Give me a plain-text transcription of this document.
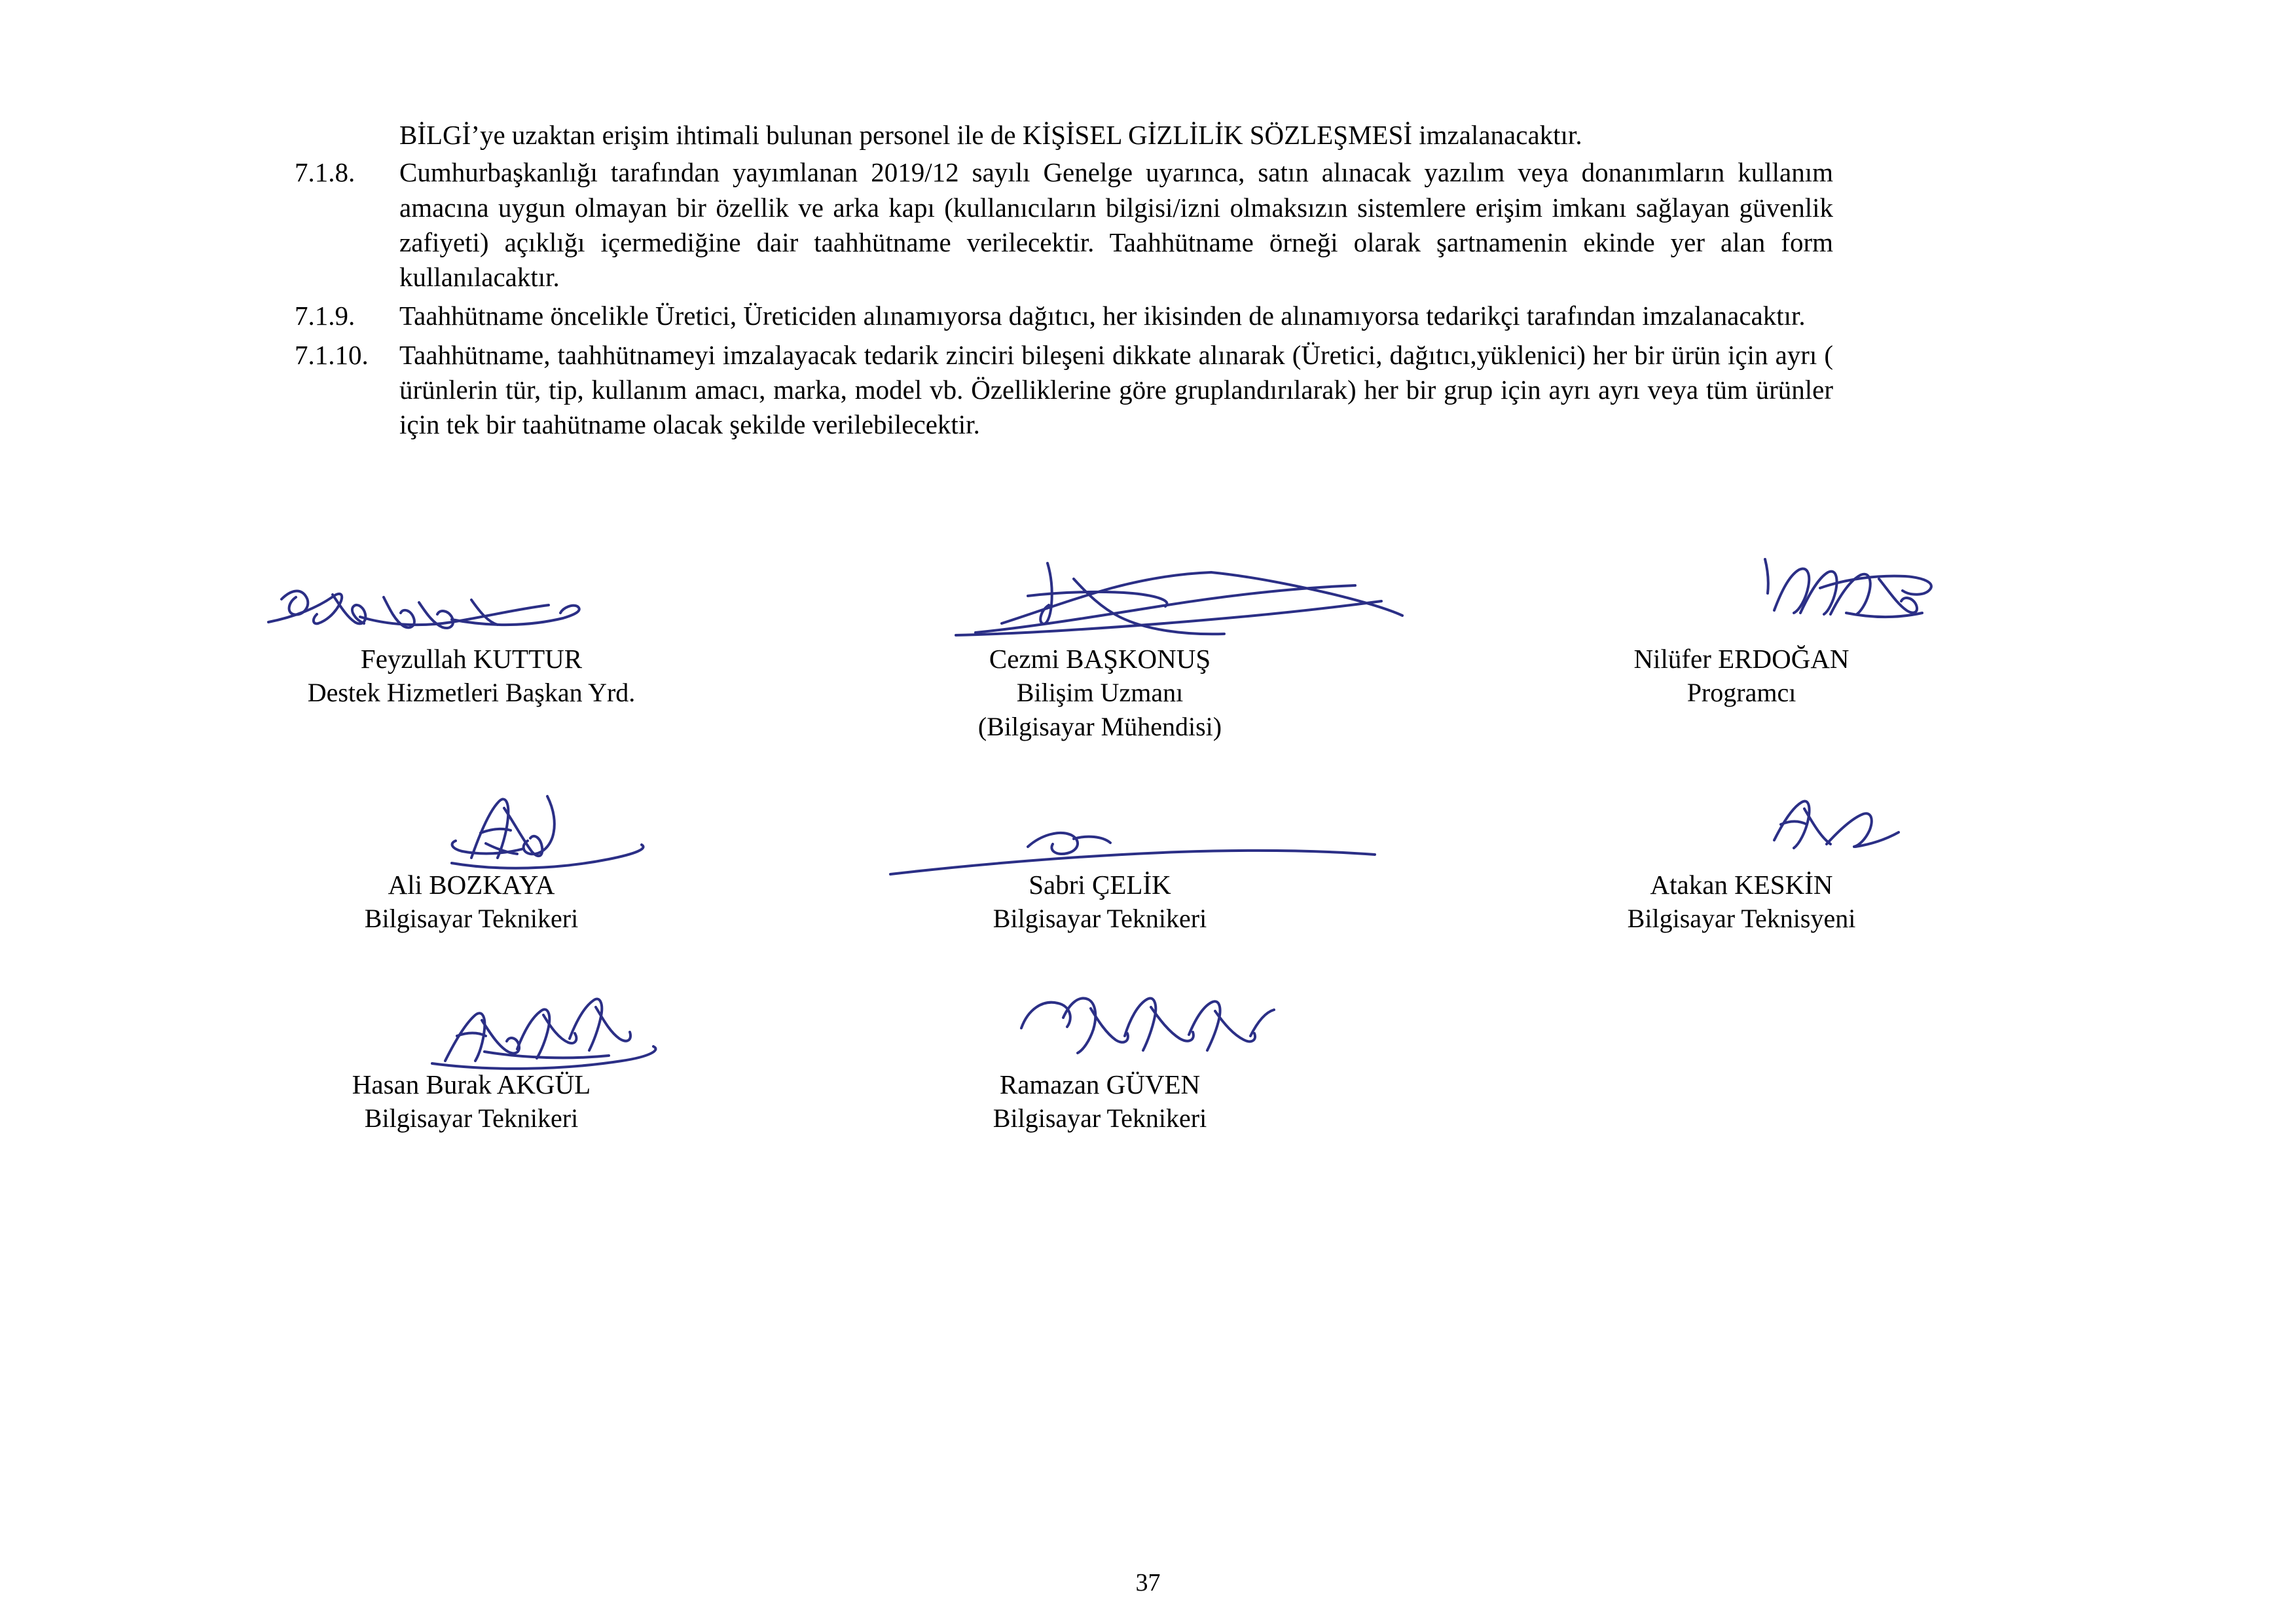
BİLGİ’ye uzaktan erişim ihtimali bulunan personel ile de KİŞİSEL GİZLİLİK SÖZLEŞMESİ imzalanacaktır.

7.1.8.	Cumhurbaşkanlığı tarafından yayımlanan 2019/12 sayılı Genelge uyarınca, satın alınacak yazılım veya donanımların kullanım amacına uygun olmayan bir özellik ve arka kapı (kullanıcıların bilgisi/izni olmaksızın sistemlere erişim imkanı sağlayan güvenlik zafiyeti) açıklığı içermediğine dair taahhütname verilecektir. Taahhütname örneği olarak şartnamenin ekinde yer alan form kullanılacaktır.
7.1.9.	Taahhütname öncelikle Üretici, Üreticiden alınamıyorsa dağıtıcı, her ikisinden de alınamıyorsa tedarikçi tarafından imzalanacaktır.
7.1.10.	Taahhütname, taahhütnameyi imzalayacak tedarik zinciri bileşeni dikkate alınarak (Üretici, dağıtıcı,yüklenici) her bir ürün için ayrı ( ürünlerin tür, tip, kullanım amacı, marka, model vb. Özelliklerine göre gruplandırılarak) her bir grup için ayrı ayrı veya tüm ürünler için tek bir taahütname olacak şekilde verilebilecektir.
Feyzullah KUTTUR
Destek Hizmetleri Başkan Yrd.
Cezmi BAŞKONUŞ
Bilişim Uzmanı
(Bilgisayar Mühendisi)
Nilüfer ERDOĞAN
Programcı
Ali BOZKAYA
Bilgisayar Teknikeri
Sabri ÇELİK
Bilgisayar Teknikeri
Atakan KESKİN
Bilgisayar Teknisyeni
Hasan Burak AKGÜL
Bilgisayar Teknikeri
Ramazan GÜVEN
Bilgisayar Teknikeri
37
